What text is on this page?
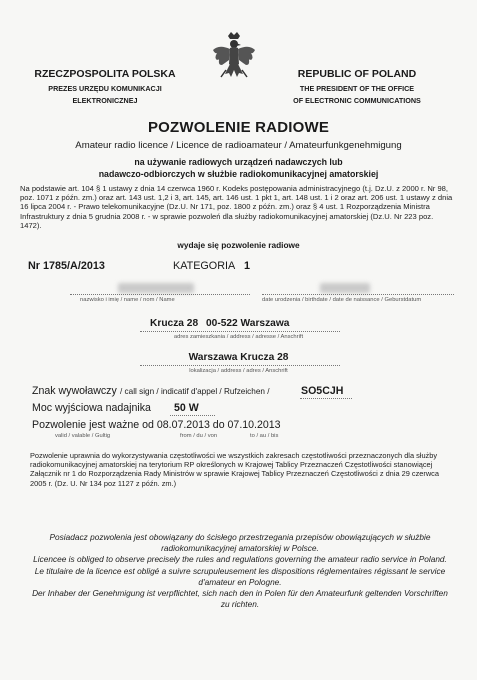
RZECZPOSPOLITA POLSKA
PREZES URZĘDU KOMUNIKACJI
ELEKTRONICZNEJ
REPUBLIC OF POLAND
THE PRESIDENT OF THE OFFICE
OF ELECTRONIC COMMUNICATIONS
POZWOLENIE RADIOWE
Amateur radio licence / Licence de radioamateur / Amateurfunkgenehmigung
na używanie radiowych urządzeń nadawczych lub
nadawczo-odbiorczych w służbie radiokomunikacyjnej amatorskiej
Na podstawie art. 104 § 1 ustawy z dnia 14 czerwca 1960 r. Kodeks postępowania administracyjnego (t.j. Dz.U. z 2000 r. Nr 98, poz. 1071 z późn. zm.) oraz art. 143 ust. 1,2 i 3, art. 145, art. 146 ust. 1 pkt 1, art. 148 ust. 1 i 2 oraz art. 206 ust. 1 ustawy z dnia 16 lipca 2004 r. - Prawo telekomunikacyjne (Dz.U. Nr 171, poz. 1800 z późn. zm.) oraz § 4 ust. 1 Rozporządzenia Ministra Infrastruktury z dnia 5 grudnia 2008 r. - w sprawie pozwoleń dla służby radiokomunikacyjnej amatorskiej (Dz.U. Nr 223 poz. 1472).
wydaje się pozwolenie radiowe
Nr 1785/A/2013	KATEGORIA 1
nazwisko i imię / name / nom / Name	date urodzenia / birthdate / date de naissance / Geburstdatum
Krucza 28 00-522 Warszawa
adres zamieszkania / address / adresse / Anschrift
Warszawa Krucza 28
lokalizacja / address / adres / Anschrift
Znak wywoławczy / call sign / indicatif d'appel / Rufzeichen /	SO5CJH
Moc wyjściowa nadajnika 50 W
Pozwolenie jest ważne od 08.07.2013 do 07.10.2013
valid / valable / Gultig	from / du / von	to / au / bis
Pozwolenie uprawnia do wykorzystywania częstotliwości we wszystkich zakresach częstotliwości przeznaczonych dla służby radiokomunikacyjnej amatorskiej na terytorium RP określonych w Krajowej Tablicy Przeznaczeń Częstotliwości stanowiącej Załącznik nr 1 do Rozporządzenia Rady Ministrów w sprawie Krajowej Tablicy Przeznaczeń Częstotliwości z dnia 29 czerwca 2005 r. (Dz. U. Nr 134 poz 1127 z późn. zm.)
Posiadacz pozwolenia jest obowiązany do ścisłego przestrzegania przepisów obowiązujących w służbie radiokomunikacyjnej amatorskiej w Polsce.
Licencee is obliged to observe precisely the rules and regulations governing the amateur radio service in Poland.
Le titulaire de la licence est obligé a suivre scrupuleusement les dispositions réglementaires régissant le service d'amateur en Pologne.
Der Inhaber der Genehmigung ist verpflichtet, sich nach den in Polen für den Amateurfunk geltenden Vorschriften zu richten.
